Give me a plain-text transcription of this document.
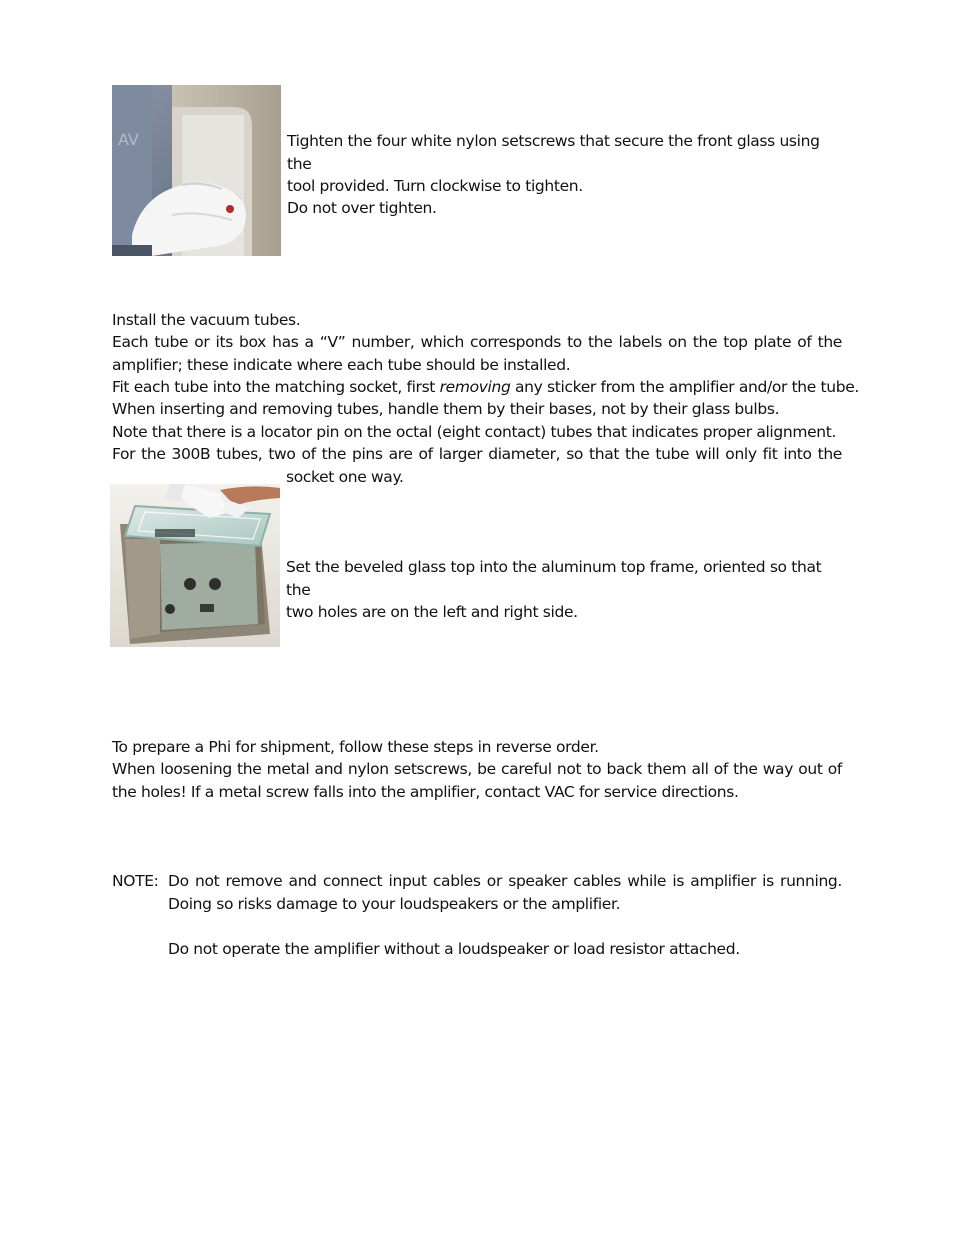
AV	Tighten the four white nylon setscrews that secure the front glass using the
tool provided. Turn clockwise to tighten.
Do not over tighten.
Install the vacuum tubes.
Each tube or its box has a “V” number, which corresponds to the labels on the top plate of the amplifier; these indicate where each tube should be installed.
Fit each tube into the matching socket, first removing any sticker from the amplifier and/or the tube.
When inserting and removing tubes, handle them by their bases, not by their glass bulbs.
Note that there is a locator pin on the octal (eight contact) tubes that indicates proper alignment.
For the 300B tubes, two of the pins are of larger diameter, so that the tube will only fit into the
socket one way.
Set the beveled glass top into the aluminum top frame, oriented so that the
two holes are on the left and right side.
To prepare a Phi for shipment, follow these steps in reverse order.
When loosening the metal and nylon setscrews, be careful not to back them all of the way out of the holes! If a metal screw falls into the amplifier, contact VAC for service directions.
NOTE: Do not remove and connect input cables or speaker cables while is amplifier is running. Doing so risks damage to your loudspeakers or the amplifier.
Do not operate the amplifier without a loudspeaker or load resistor attached.
